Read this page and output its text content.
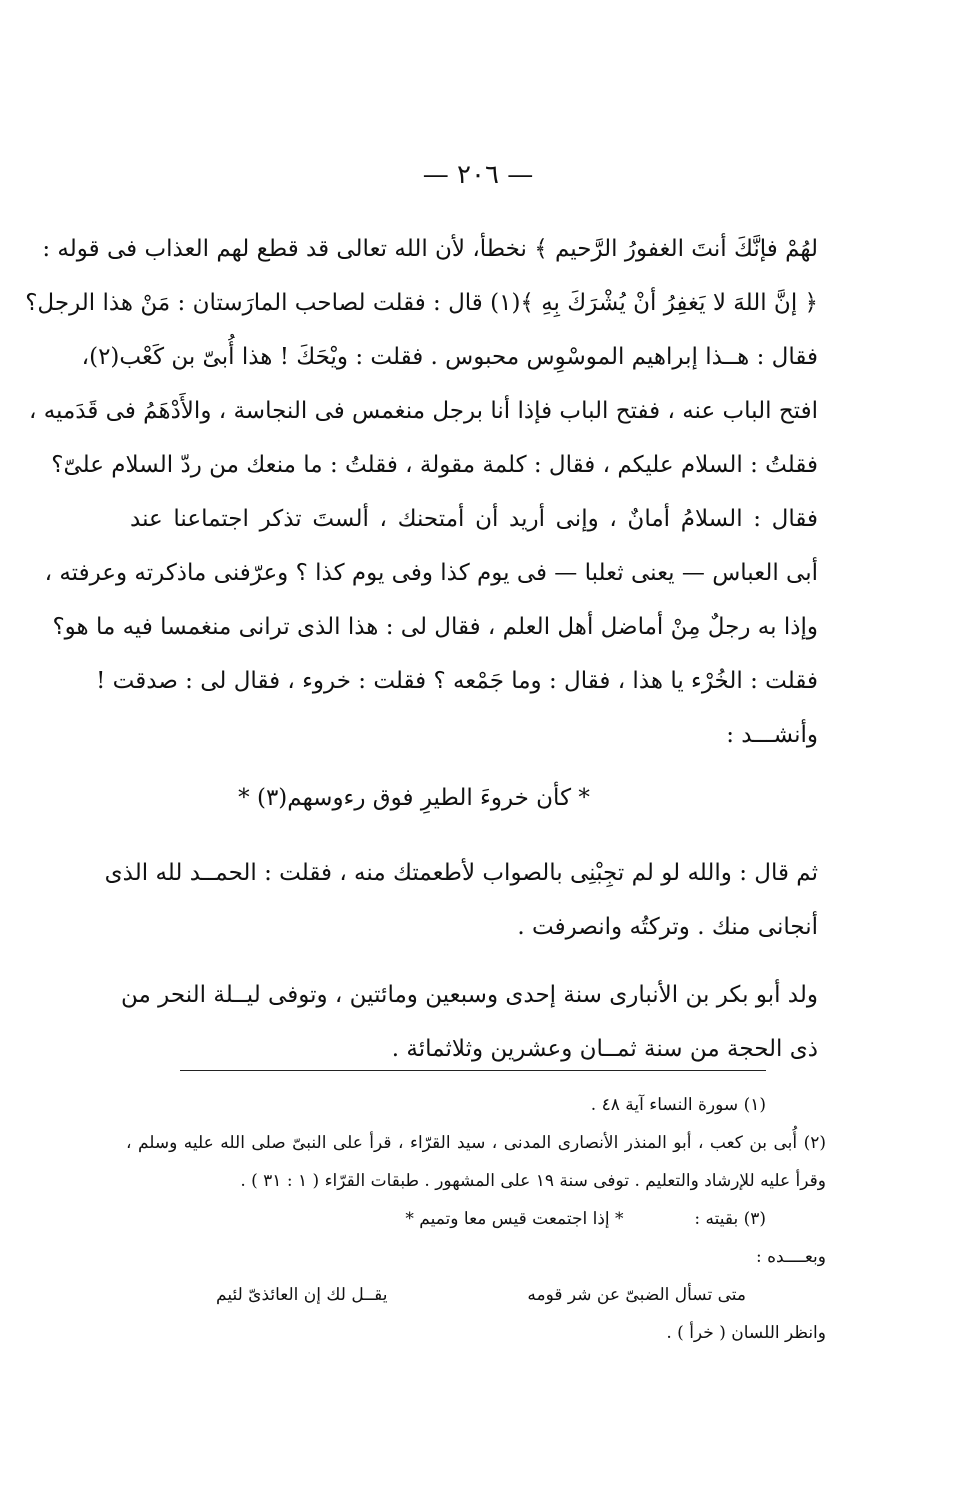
— ٢٠٦ —
لهُمْ فإنَّكَ أنتَ الغفورُ الرَّحيم ﴾ نخطأ، لأن الله تعالى قد قطع لهم العذاب فى قوله :
﴿ إنَّ اللهَ لا يَغفِرُ أنْ يُشْرَكَ بِهِ ﴾(١) قال : فقلت لصاحب المارَستان : مَنْ هذا الرجل؟
فقال : هــذا إبراهيم الموسْوِس محبوس . فقلت : ويْحَكَ ! هذا أُبىّ بن كَعْب(٢)،
افتح الباب عنه ، ففتح الباب فإذا أنا برجل منغمس فى النجاسة ، والأَدْهَمُ فى قَدَميه ،
فقلتُ : السلام عليكم ، فقال : كلمة مقولة ، فقلتُ : ما منعك من ردّ السلام علىّ؟
فقال : السلامُ أمانٌ ، وإنى أريد أن أمتحنك ، ألستَ تذكر اجتماعنا عند
أبى العباس — يعنى ثعلبا — فى يوم كذا وفى يوم كذا ؟ وعرّفنى ماذكرته وعرفته ،
وإذا به رجلٌ مِنْ أماضل أهل العلم ، فقال لى : هذا الذى ترانى منغمسا فيه ما هو؟
فقلت : الخُرْء يا هذا ، فقال : وما جَمْعه ؟ فقلت : خروء ، فقال لى : صدقت !
وأنشـــد :
* كأن خروءَ الطيرِ فوق رءوسهم(٣) *
ثم قال : والله لو لم تجِبْنِى بالصواب لأطعمتك منه ، فقلت : الحمــد لله الذى
أنجانى منك . وتركتُه وانصرفت .
ولد أبو بكر بن الأنبارى سنة إحدى وسبعين ومائتين ، وتوفى ليــلة النحر من
ذى الحجة من سنة ثمــان وعشرين وثلاثمائة .
(١) سورة النساء آية ٤٨ .
(٢) أُبى بن كعب ، أبو المنذر الأنصارى المدنى ، سيد القرّاء ، قرأ على النبىّ صلى الله عليه وسلم ،
وقرأ عليه للإرشاد والتعليم . توفى سنة ١٩ على المشهور . طبقات القرّاء ( ١ : ٣١ ) .
(٣) بقيته :  * إذا اجتمعت قيس معا وتميم *
وبعــــده :
متى تسأل الضبىّ عن شر قومه
يقــل لك إن العائذىّ لئيم
وانظر اللسان ( خرأ ) .
